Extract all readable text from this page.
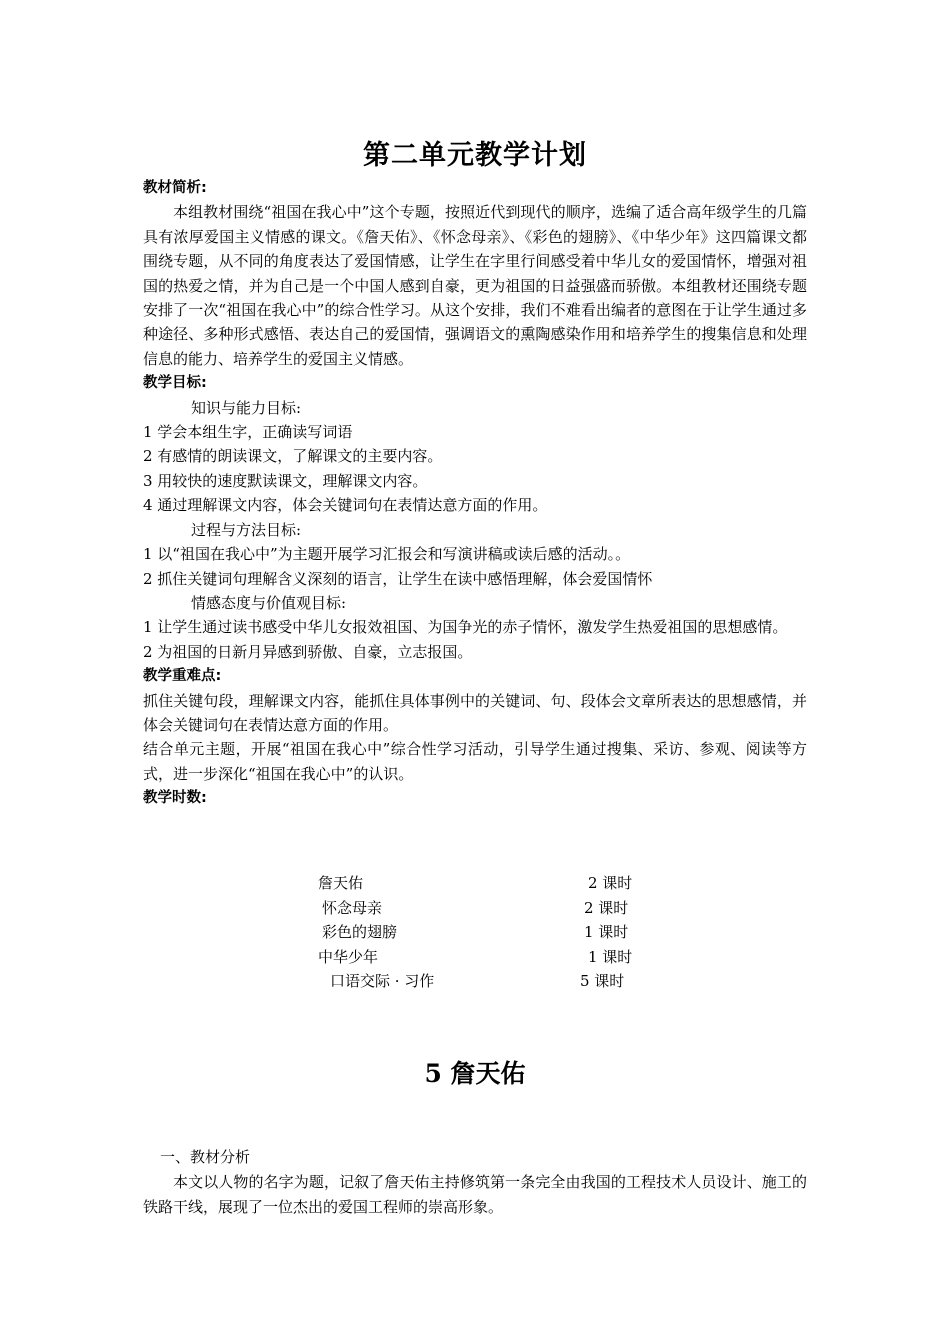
第二单元教学计划

教材简析:

本组教材围绕“祖国在我心中”这个专题，按照近代到现代的顺序，选编了适合高年级学生的几篇具有浓厚爱国主义情感的课文。《詹天佑》、《怀念母亲》、《彩色的翅膀》、《中华少年》这四篇课文都围绕专题，从不同的角度表达了爱国情感，让学生在字里行间感受着中华儿女的爱国情怀，增强对祖国的热爱之情，并为自己是一个中国人感到自豪，更为祖国的日益强盛而骄傲。本组教材还围绕专题安排了一次“祖国在我心中”的综合性学习。从这个安排，我们不难看出编者的意图在于让学生通过多种途径、多种形式感悟、表达自己的爱国情，强调语文的熏陶感染作用和培养学生的搜集信息和处理信息的能力、培养学生的爱国主义情感。

教学目标:

知识与能力目标:

1 学会本组生字，正确读写词语

2 有感情的朗读课文，了解课文的主要内容。

3 用较快的速度默读课文，理解课文内容。

4 通过理解课文内容，体会关键词句在表情达意方面的作用。

过程与方法目标:

1 以“祖国在我心中”为主题开展学习汇报会和写演讲稿或读后感的活动。。

2 抓住关键词句理解含义深刻的语言，让学生在读中感悟理解，体会爱国情怀

情感态度与价值观目标:

1 让学生通过读书感受中华儿女报效祖国、为国争光的赤子情怀，激发学生热爱祖国的思想感情。

2 为祖国的日新月异感到骄傲、自豪，立志报国。

教学重难点:

抓住关键句段，理解课文内容，能抓住具体事例中的关键词、句、段体会文章所表达的思想感情，并体会关键词句在表情达意方面的作用。

结合单元主题，开展“祖国在我心中”综合性学习活动，引导学生通过搜集、采访、参观、阅读等方式，进一步深化“祖国在我心中”的认识。

教学时数:

詹天佑	2 课时
怀念母亲	2 课时
彩色的翅膀	1 课时
中华少年	1 课时
口语交际 · 习作	5 课时
5 詹天佑

一、教材分析

本文以人物的名字为题，记叙了詹天佑主持修筑第一条完全由我国的工程技术人员设计、施工的铁路干线，展现了一位杰出的爱国工程师的崇高形象。
